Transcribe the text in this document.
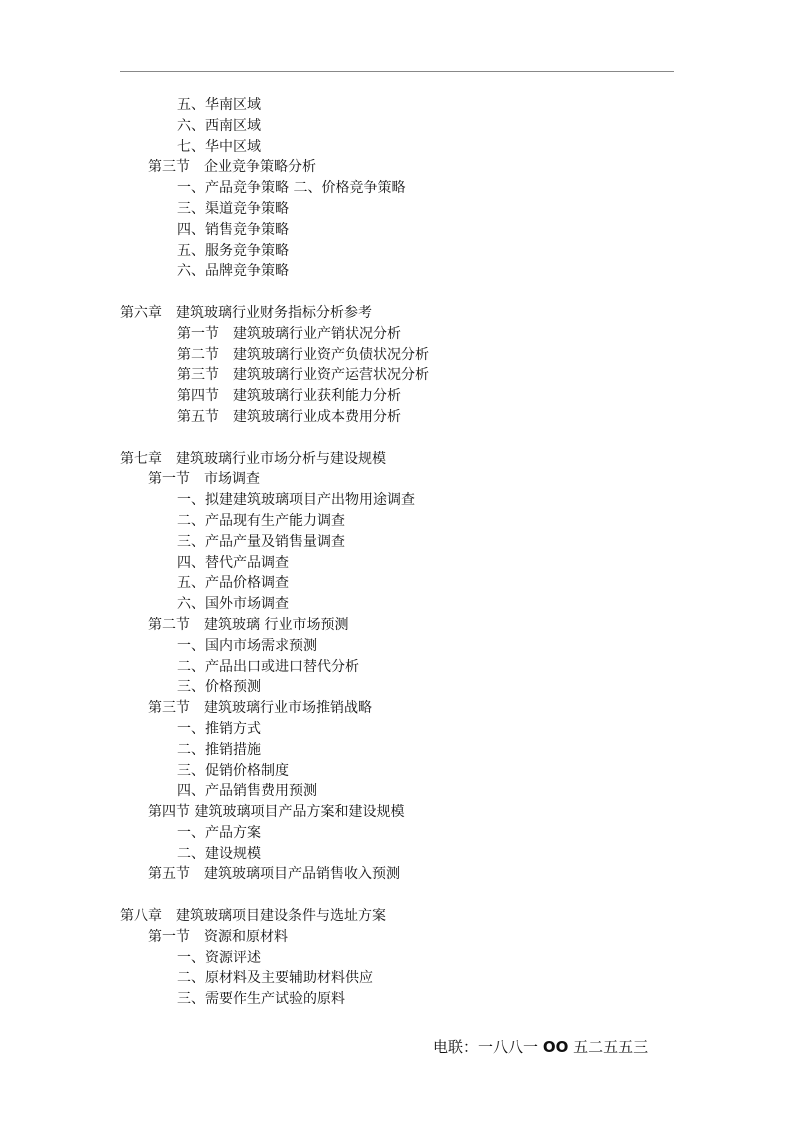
五、华南区域
六、西南区域
七、华中区域
第三节　企业竞争策略分析
一、产品竞争策略 二、价格竞争策略
三、渠道竞争策略
四、销售竞争策略
五、服务竞争策略
六、品牌竞争策略
第六章　建筑玻璃行业财务指标分析参考
第一节　建筑玻璃行业产销状况分析
第二节　建筑玻璃行业资产负债状况分析
第三节　建筑玻璃行业资产运营状况分析
第四节　建筑玻璃行业获利能力分析
第五节　建筑玻璃行业成本费用分析
第七章　建筑玻璃行业市场分析与建设规模
第一节　市场调查
一、拟建建筑玻璃项目产出物用途调查
二、产品现有生产能力调查
三、产品产量及销售量调查
四、替代产品调查
五、产品价格调查
六、国外市场调查
第二节　建筑玻璃 行业市场预测
一、国内市场需求预测
二、产品出口或进口替代分析
三、价格预测
第三节　建筑玻璃行业市场推销战略
一、推销方式
二、推销措施
三、促销价格制度
四、产品销售费用预测
第四节 建筑玻璃项目产品方案和建设规模
一、产品方案
二、建设规模
第五节　建筑玻璃项目产品销售收入预测
第八章　建筑玻璃项目建设条件与选址方案
第一节　资源和原材料
一、资源评述
二、原材料及主要辅助材料供应
三、需要作生产试验的原料
电联：一八八一 OO 五二五五三
